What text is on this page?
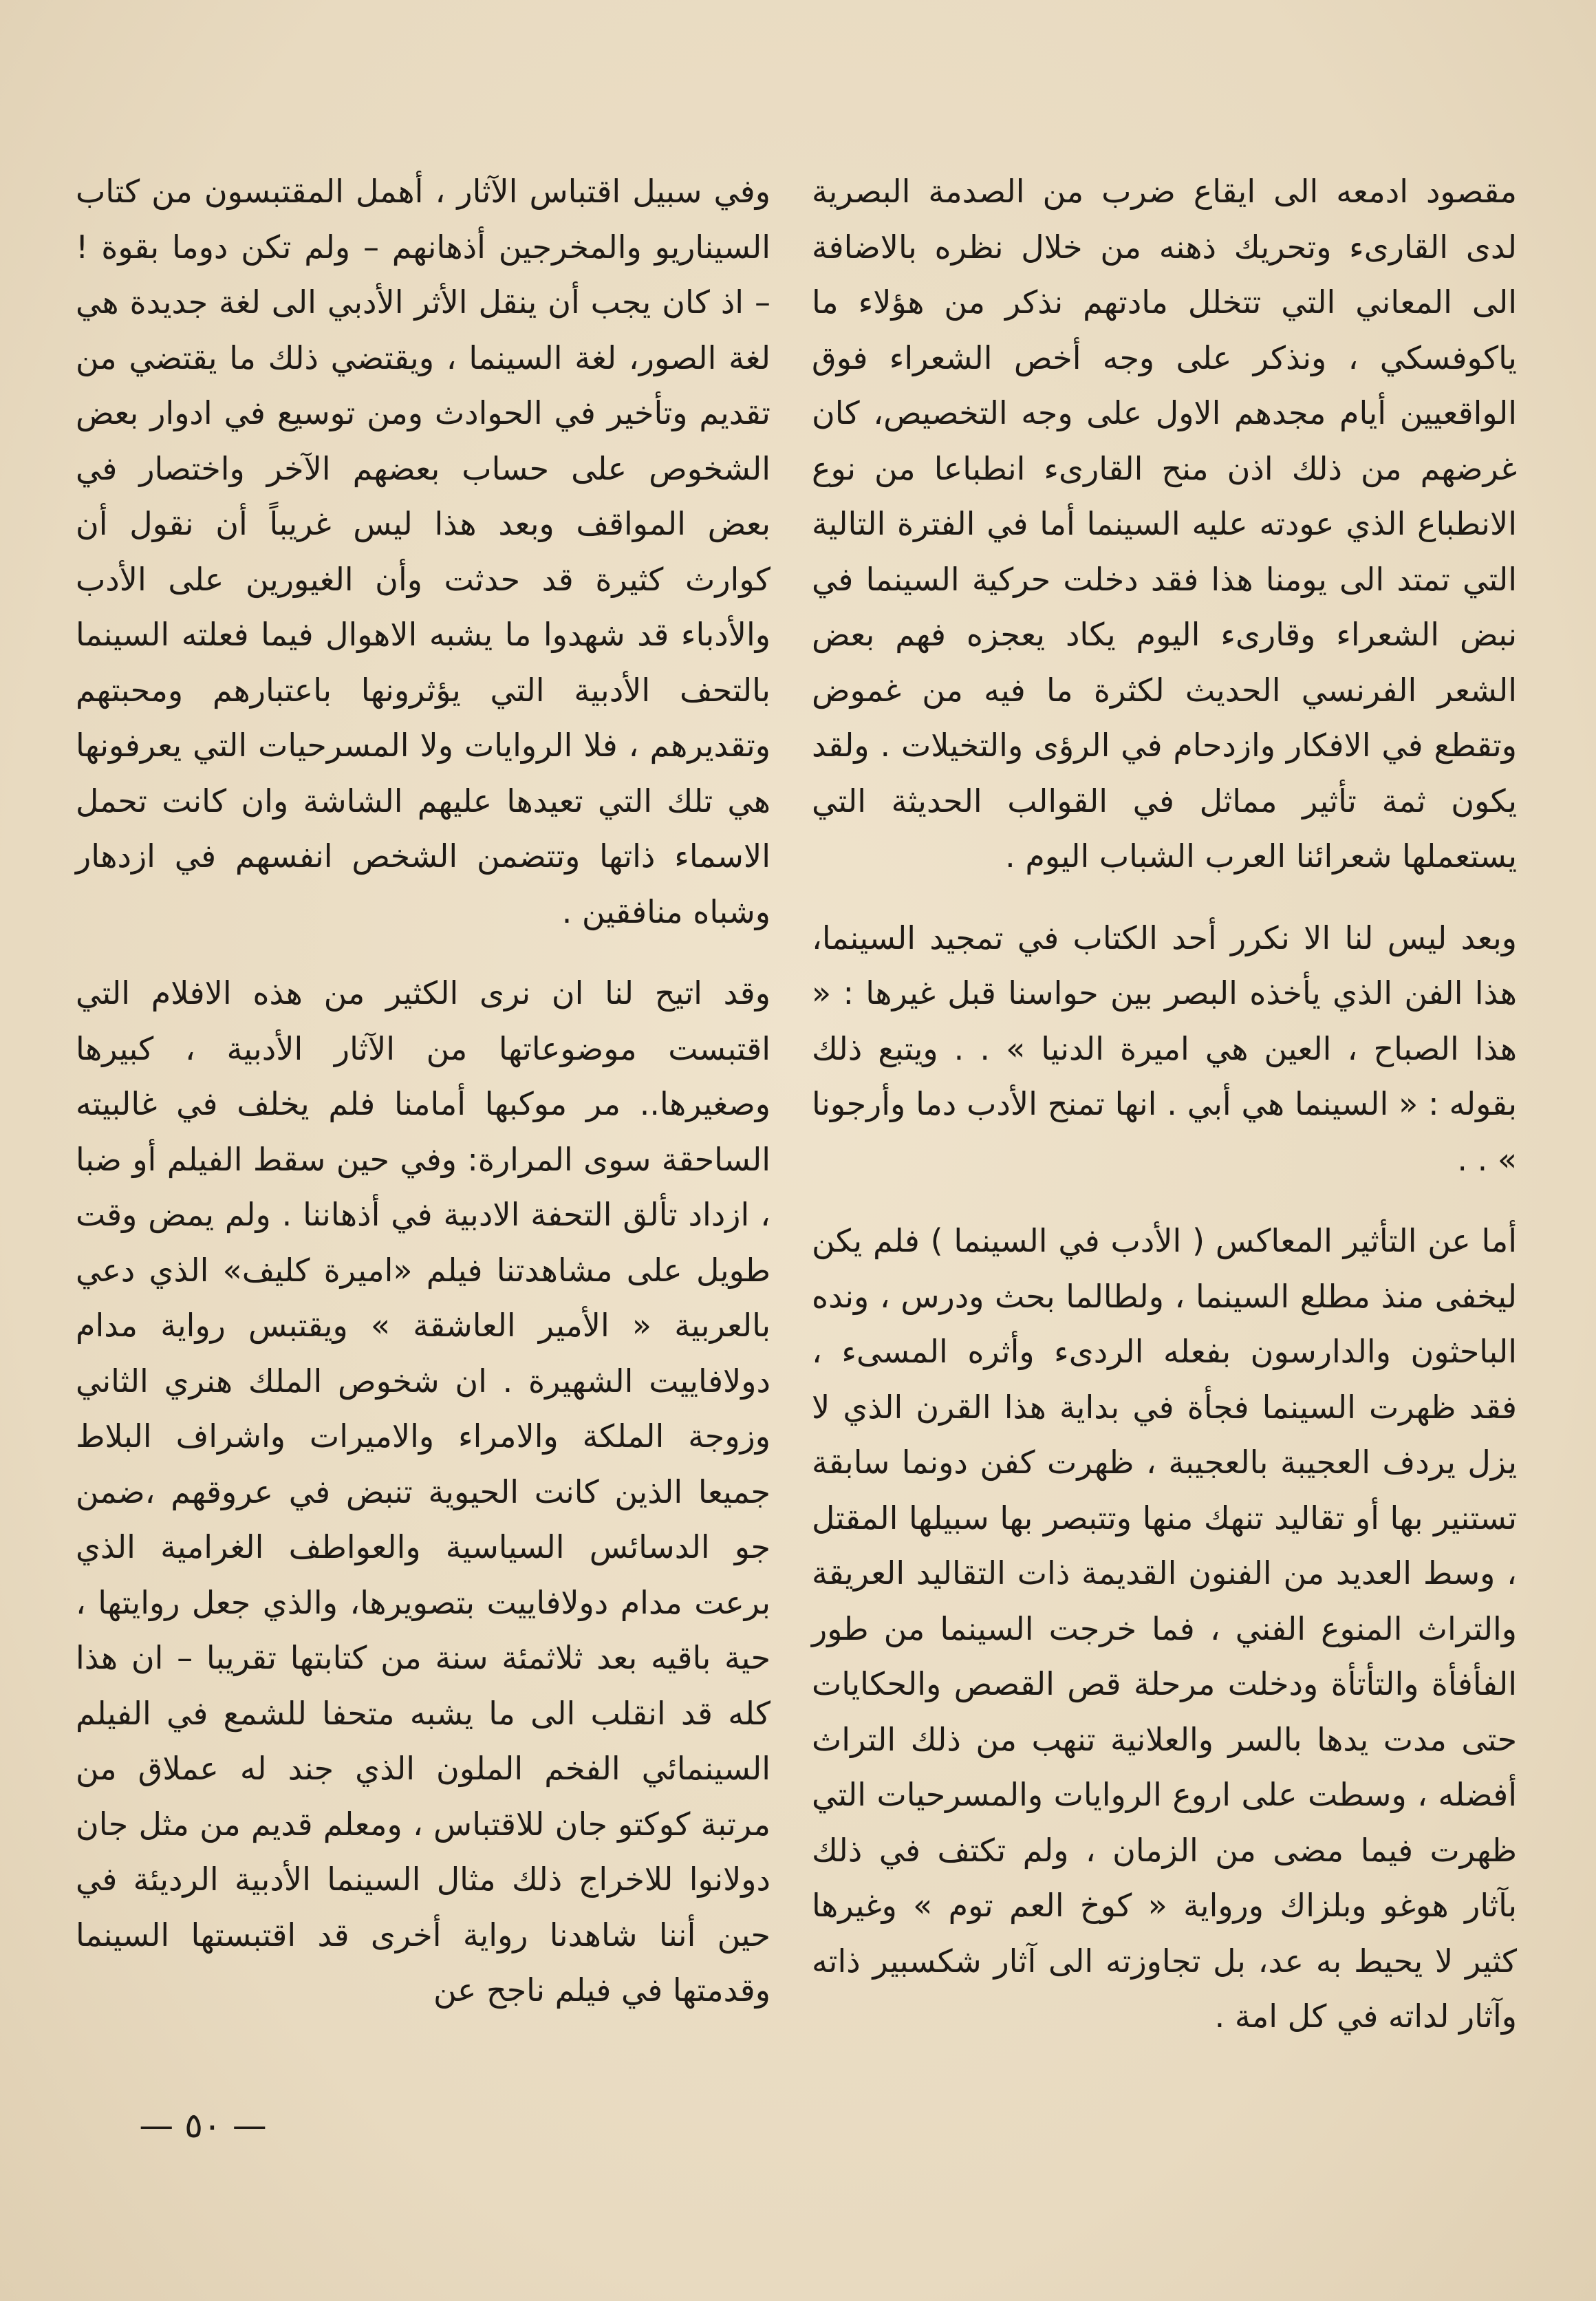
مقصود ادمعه الى ايقاع ضرب من الصدمة البصرية لدى القارىء وتحريك ذهنه من خلال نظره بالاضافة الى المعاني التي تتخلل مادتهم نذكر من هؤلاء ما ياكوفسكي ، ونذكر على وجه أخص الشعراء فوق الواقعيين أيام مجدهم الاول على وجه التخصيص، كان غرضهم من ذلك اذن منح القارىء انطباعا من نوع الانطباع الذي عودته عليه السينما أما في الفترة التالية التي تمتد الى يومنا هذا فقد دخلت حركية السينما في نبض الشعراء وقارىء اليوم يكاد يعجزه فهم بعض الشعر الفرنسي الحديث لكثرة ما فيه من غموض وتقطع في الافكار وازدحام في الرؤى والتخيلات . ولقد يكون ثمة تأثير مماثل في القوالب الحديثة التي يستعملها شعرائنا العرب الشباب اليوم .

وبعد ليس لنا الا نكرر أحد الكتاب في تمجيد السينما، هذا الفن الذي يأخذه البصر بين حواسنا قبل غيرها : « هذا الصباح ، العين هي اميرة الدنيا » . . ويتبع ذلك بقوله : « السينما هي أبي . انها تمنح الأدب دما وأرجونا » . .

أما عن التأثير المعاكس ( الأدب في السينما ) فلم يكن ليخفى منذ مطلع السينما ، ولطالما بحث ودرس ، ونده الباحثون والدارسون بفعله الردىء وأثره المسىء ، فقد ظهرت السينما فجأة في بداية هذا القرن الذي لا يزل يردف العجيبة بالعجيبة ، ظهرت كفن دونما سابقة تستنير بها أو تقاليد تنهك منها وتتبصر بها سبيلها المقتل ، وسط العديد من الفنون القديمة ذات التقاليد العريقة والتراث المنوع الفني ، فما خرجت السينما من طور الفأفأة والتأتأة ودخلت مرحلة قص القصص والحكايات حتى مدت يدها بالسر والعلانية تنهب من ذلك التراث أفضله ، وسطت على اروع الروايات والمسرحيات التي ظهرت فيما مضى من الزمان ، ولم تكتف في ذلك بآثار هوغو وبلزاك ورواية « كوخ العم توم » وغيرها كثير لا يحيط به عد، بل تجاوزته الى آثار شكسبير ذاته وآثار لداته في كل امة .

وفي سبيل اقتباس الآثار ، أهمل المقتبسون من كتاب السيناريو والمخرجين أذهانهم – ولم تكن دوما بقوة ! – اذ كان يجب أن ينقل الأثر الأدبي الى لغة جديدة هي لغة الصور، لغة السينما ، ويقتضي ذلك ما يقتضي من تقديم وتأخير في الحوادث ومن توسيع في ادوار بعض الشخوص على حساب بعضهم الآخر واختصار في بعض المواقف وبعد هذا ليس غريباً أن نقول أن كوارث كثيرة قد حدثت وأن الغيورين على الأدب والأدباء قد شهدوا ما يشبه الاهوال فيما فعلته السينما بالتحف الأدبية التي يؤثرونها باعتبارهم ومحبتهم وتقديرهم ، فلا الروايات ولا المسرحيات التي يعرفونها هي تلك التي تعيدها عليهم الشاشة وان كانت تحمل الاسماء ذاتها وتتضمن الشخص انفسهم في ازدهار وشباه منافقين .

وقد اتيح لنا ان نرى الكثير من هذه الافلام التي اقتبست موضوعاتها من الآثار الأدبية ، كبيرها وصغيرها.. مر موكبها أمامنا فلم يخلف في غالبيته الساحقة سوى المرارة: وفي حين سقط الفيلم أو ضبا ، ازداد تألق التحفة الادبية في أذهاننا . ولم يمض وقت طويل على مشاهدتنا فيلم «اميرة كليف» الذي دعي بالعربية « الأمير العاشقة » ويقتبس رواية مدام دولافاييت الشهيرة . ان شخوص الملك هنري الثاني وزوجة الملكة والامراء والاميرات واشراف البلاط جميعا الذين كانت الحيوية تنبض في عروقهم ،ضمن جو الدسائس السياسية والعواطف الغرامية الذي برعت مدام دولافاييت بتصويرها، والذي جعل روايتها ، حية باقيه بعد ثلاثمئة سنة من كتابتها تقريبا – ان هذا كله قد انقلب الى ما يشبه متحفا للشمع في الفيلم السينمائي الفخم الملون الذي جند له عملاق من مرتبة كوكتو جان للاقتباس ، ومعلم قديم من مثل جان دولانوا للاخراج ذلك مثال السينما الأدبية الرديئة في حين أننا شاهدنا رواية أخرى قد اقتبستها السينما وقدمتها في فيلم ناجح عن

— ٥٠ —
